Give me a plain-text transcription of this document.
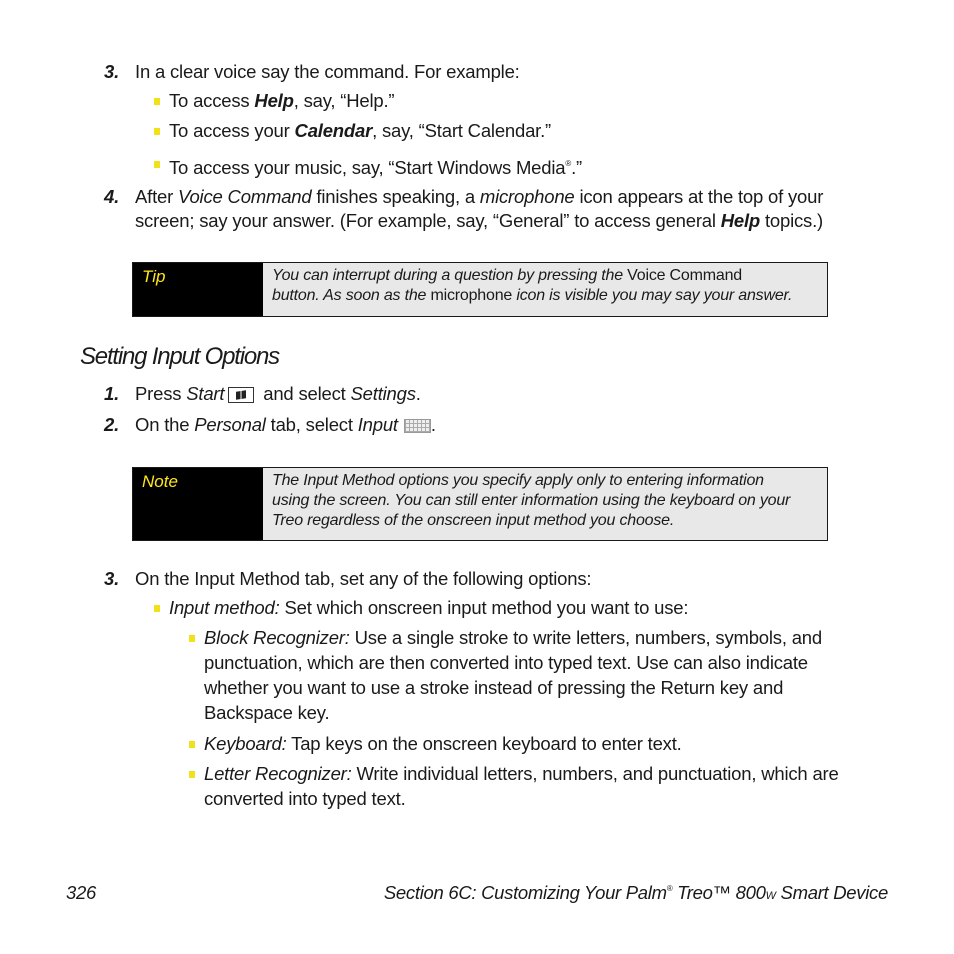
3. In a clear voice say the command. For example:
To access Help, say, “Help.”
To access your Calendar, say, “Start Calendar.”
To access your music, say, “Start Windows Media®.”
4. After Voice Command finishes speaking, a microphone icon appears at the top of your
screen; say your answer. (For example, say, “General” to access general Help topics.)
Tip	You can interrupt during a question by pressing the Voice Command
button. As soon as the microphone icon is visible you may say your answer.
Setting Input Options
1. Press Start and select Settings.
2. On the Personal tab, select Input .
Note	The Input Method options you specify apply only to entering information
using the screen. You can still enter information using the keyboard on your
Treo regardless of the onscreen input method you choose.
3. On the Input Method tab, set any of the following options:
Input method: Set which onscreen input method you want to use:
Block Recognizer: Use a single stroke to write letters, numbers, symbols, and
punctuation, which are then converted into typed text. Use can also indicate
whether you want to use a stroke instead of pressing the Return key and
Backspace key.
Keyboard: Tap keys on the onscreen keyboard to enter text.
Letter Recognizer: Write individual letters, numbers, and punctuation, which are
converted into typed text.
326	Section 6C: Customizing Your Palm® Treo™ 800W Smart Device
